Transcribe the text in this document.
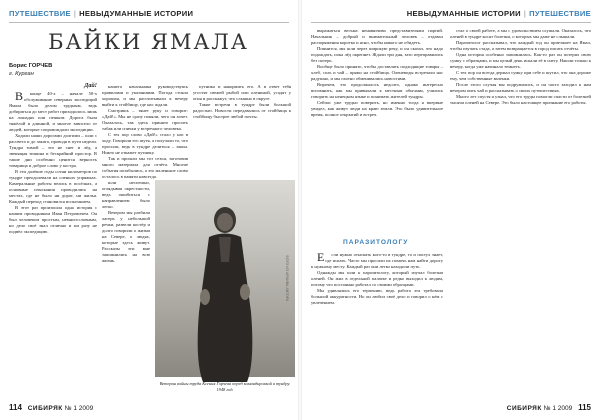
ПУТЕШЕСТВИЕ | НЕВЫДУМАННЫЕ ИСТОРИИ
БАЙКИ ЯМАЛА
Борис ГОРЧЕВ
г. Курган

Дай!

Вконце 40-х – начале 50-х обслуживание северных экспедиций Ямала было делом трудным, ведь добираться до мест работ приходилось лишь на лошадях или пешком. Дорога была тяжёлой и длинной, и многое зависело от людей, которые сопровождали экспедиции.

Ходили наши дорогами долгими – шли с рассвета и до заката, проводя в пути недели. Тундра зимой – это не снег и лёд, а звенящая тишина и бескрайний простор. В такие дни особенно ценится верность товарища и доброе слово у костра.

В эти далёкие годы сотни километров по тундре преодолевали на оленьих упряжках. Камеральные работы велись в посёлках, а основные изыскания проводились на местах, где не было ни дорог, ни жилья. Каждый переход становился испытанием.

В этот раз произошла одна история с нашим проводником Иван Петровичем. Он был человеком простым, немногословным, но дело своё знал отлично и ни разу не подвёл экспедицию.

нашего начальника руководствуясь правилами и указаниями. Погода стояла хорошая, и мы рассчитывали к вечеру выйти к стойбищу, где нас ждали.

Смотришь – тянет руку и говорит: «Дай!». Мы не сразу поняли, чего он хочет. Оказалось, так здесь принято просить табак или спички у встречного человека.

С тех пор слово «Дай!» стало у нас в ходу. Говорили его шутя, а получали то, что просили, ведь в тундре делиться – закон. Никто не откажет путнику.

Так и прошли мы тот сезон, заготовив много материала для отчёта. Многие события позабылись, а это маленькое слово осталось в памяти навсегда.

шли неспешно, оглядывая окрестности, ведь ошибиться с направлением было легко.

Вечером мы разбили лагерь у небольшой речки, развели костёр и долго говорили о жизни на Севере, о людях, которые здесь живут. Рассказы эти мне запомнились на всю жизнь.

путника и накормить его. А в ответ тебя угостят свежей рыбой или олениной, усадят у огня и расскажут, что слышно в округе.

Такие встречи в тундре были большой радостью. Новости передавались от стойбища к стойбищу быстрее любой почты.

ФОТО ИЗ АРХИВА АВТОРА
Ветеран войны труда Ксения Горчева перед командировкой в тундру. 1948 год.
114 СИБИРЯК № 1 2009
НЕВЫДУМАННЫЕ ИСТОРИИ | ПУТЕШЕСТВИЕ

выражаться весьма ненавязчиво представителями партий. Начальник – добрый и внимательный человек – отдавал распоряжения коротко и ясно, чтобы никого не обидеть.

Помнится, мы шли через широкую реку, и он сказал, что надо подождать, пока лёд окрепнет. Ждали три дня, зато переправились без потерь.

Вообще было принято, чтобы доставлять подходящие товары – хлеб, соль и чай – прямо на стойбища. Оленеводы встречали нас радушно, и мы охотно обменивались новостями.

Впрочем, это продолжалось недолго, однако интересно вспомнить, как мы привыкали к местным обычаям, учились говорить на ненецком языке и понимать жителей тундры.

Сейчас уже трудно поверить, но именно тогда я впервые увидел, как живут люди на краю земли. Это было удивительное время, полное открытий и встреч.

ПАРАЗИТОЛОГУ

Если нужно отыскать кого-то в тундре, то и пастух знает, где искать. Часто мы просили их помочь нам найти дорогу к нужному месту. Каждый раз они легко находили путь.

Однажды мы шли к паразитологу, который изучал болезни оленей. Он жил в отдельной палатке и редко выходил к людям, потому что постоянно работал со своими образцами.

Мы удивлялись его терпению, ведь работа эта требовала большой аккуратности. Но он любил своё дело и говорил о нём с увлечением.

стал о своей работе, а мы с удовольствием слушали. Оказалось, что оленей в тундре косят болезни, о которых мы даже не слышали.

Паразитолог рассказывал, что каждый год он приезжает на Ямал, чтобы изучать стада, а затем возвращается в город писать отчёты.

Одна история особенно запомнилась. Как-то раз он потерял свою сумку с образцами, и мы целый день искали её в снегу. Нашли только к вечеру, когда уже начинало темнеть.

С тех пор он всегда держал сумку при себе и шутил, что она дороже ему, чем собственные валенки.

После этого случая мы подружились, и он часто заходил к нам вечером пить чай и рассказывать о своих путешествиях.

Много лет спустя я узнал, что его труды помогли спасти от болезней тысячи оленей на Севере. Это было настоящее признание его работы.

СИБИРЯК № 1 2009 115
